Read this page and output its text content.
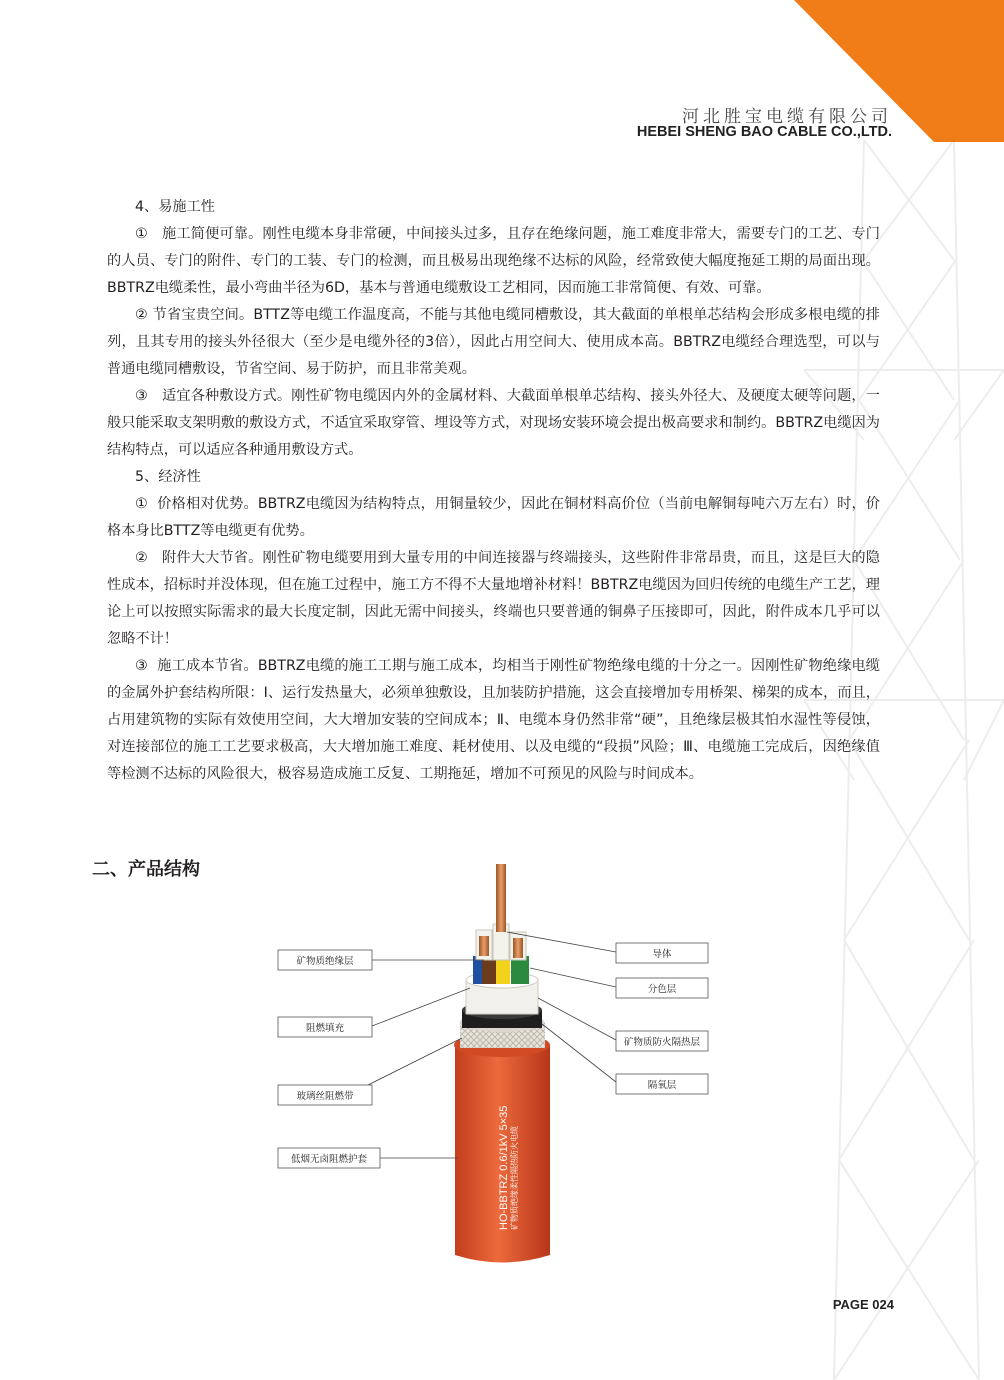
河北胜宝电缆有限公司
HEBEI SHENG BAO CABLE CO.,LTD.

4、易施工性

① 施工简便可靠。刚性电缆本身非常硬，中间接头过多，且存在绝缘问题，施工难度非常大，需要专门的工艺、专门的人员、专门的附件、专门的工装、专门的检测，而且极易出现绝缘不达标的风险，经常致使大幅度拖延工期的局面出现。BBTRZ电缆柔性，最小弯曲半径为6D，基本与普通电缆敷设工艺相同，因而施工非常简便、有效、可靠。

② 节省宝贵空间。BTTZ等电缆工作温度高，不能与其他电缆同槽敷设，其大截面的单根单芯结构会形成多根电缆的排列，且其专用的接头外径很大（至少是电缆外径的3倍），因此占用空间大、使用成本高。BBTRZ电缆经合理选型，可以与普通电缆同槽敷设，节省空间、易于防护，而且非常美观。

③ 适宜各种敷设方式。刚性矿物电缆因内外的金属材料、大截面单根单芯结构、接头外径大、及硬度太硬等问题，一般只能采取支架明敷的敷设方式，不适宜采取穿管、埋设等方式，对现场安装环境会提出极高要求和制约。BBTRZ电缆因为结构特点，可以适应各种通用敷设方式。

5、经济性

① 价格相对优势。BBTRZ电缆因为结构特点，用铜量较少，因此在铜材料高价位（当前电解铜每吨六万左右）时，价格本身比BTTZ等电缆更有优势。

② 附件大大节省。刚性矿物电缆要用到大量专用的中间连接器与终端接头，这些附件非常昂贵，而且，这是巨大的隐性成本，招标时并没体现，但在施工过程中，施工方不得不大量地增补材料！BBTRZ电缆因为回归传统的电缆生产工艺，理论上可以按照实际需求的最大长度定制，因此无需中间接头，终端也只要普通的铜鼻子压接即可，因此，附件成本几乎可以忽略不计！

③ 施工成本节省。BBTRZ电缆的施工工期与施工成本，均相当于刚性矿物绝缘电缆的十分之一。因刚性矿物绝缘电缆的金属外护套结构所限：Ⅰ、运行发热量大，必须单独敷设，且加装防护措施，这会直接增加专用桥架、梯架的成本，而且，占用建筑物的实际有效使用空间，大大增加安装的空间成本；Ⅱ、电缆本身仍然非常“硬”，且绝缘层极其怕水湿性等侵蚀，对连接部位的施工工艺要求极高，大大增加施工难度、耗材使用、以及电缆的“段损”风险；Ⅲ、电缆施工完成后，因绝缘值等检测不达标的风险很大，极容易造成施工反复、工期拖延，增加不可预见的风险与时间成本。

二、产品结构
HO-BBTRZ 0.6/1kV 5×35 矿物质绝缘柔性隔热防火电缆
矿物质绝缘层
阻燃填充
玻璃丝阻燃带
低烟无卤阻燃护套
导体
分色层
矿物质防火隔热层
隔氧层
PAGE 024
